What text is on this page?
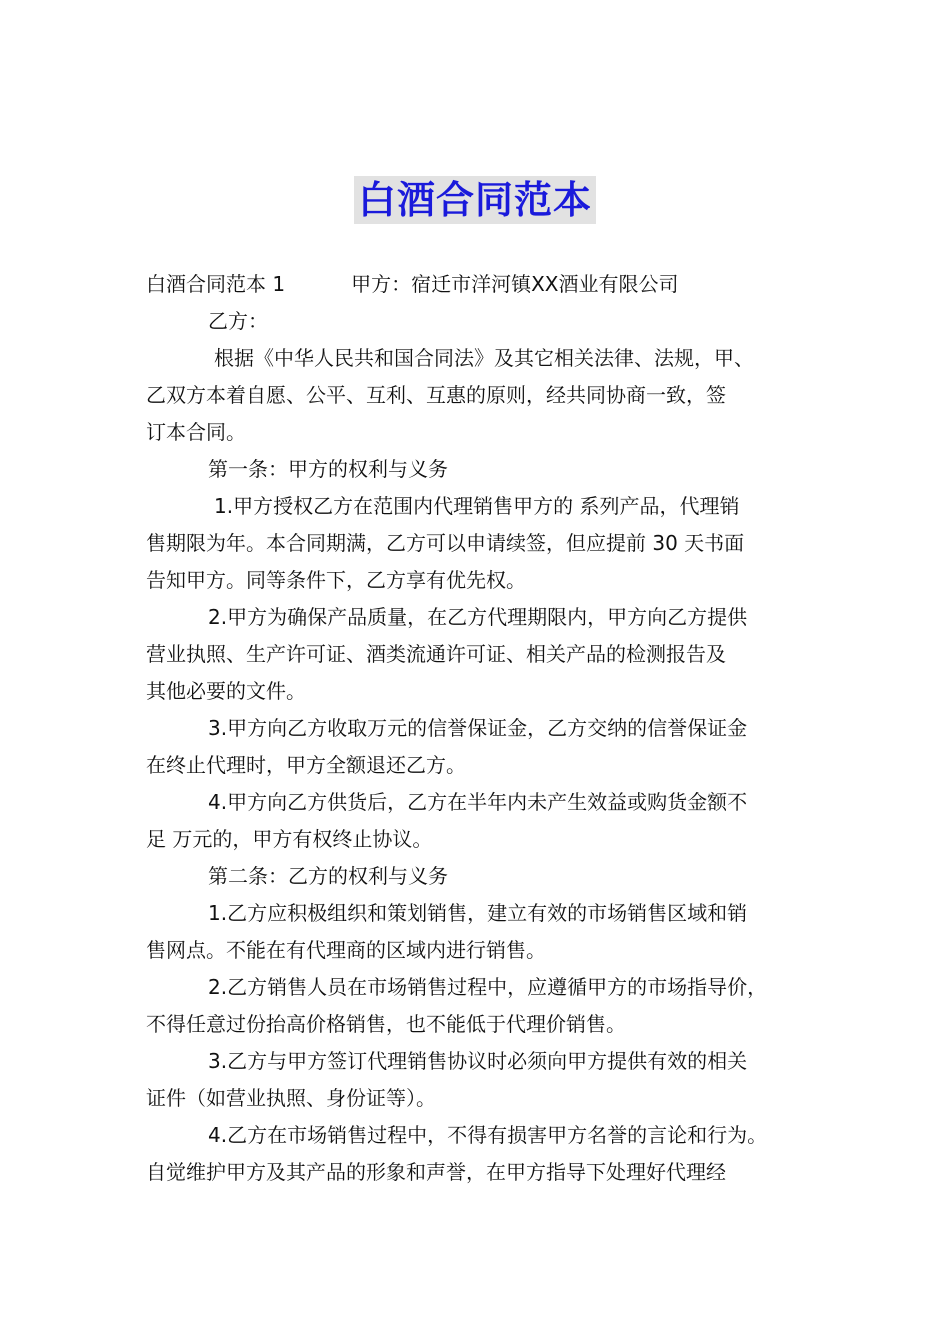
白酒合同范本
白酒合同范本 1	甲方：宿迁市洋河镇XX酒业有限公司
乙方：
根据《中华人民共和国合同法》及其它相关法律、法规，甲、
乙双方本着自愿、公平、互利、互惠的原则，经共同协商一致，签
订本合同。
第一条：甲方的权利与义务
1.甲方授权乙方在范围内代理销售甲方的 系列产品，代理销
售期限为年。本合同期满，乙方可以申请续签，但应提前 30 天书面
告知甲方。同等条件下，乙方享有优先权。
2.甲方为确保产品质量，在乙方代理期限内，甲方向乙方提供
营业执照、生产许可证、酒类流通许可证、相关产品的检测报告及
其他必要的文件。
3.甲方向乙方收取万元的信誉保证金，乙方交纳的信誉保证金
在终止代理时，甲方全额退还乙方。
4.甲方向乙方供货后，乙方在半年内未产生效益或购货金额不
足 万元的，甲方有权终止协议。
第二条：乙方的权利与义务
1.乙方应积极组织和策划销售，建立有效的市场销售区域和销
售网点。不能在有代理商的区域内进行销售。
2.乙方销售人员在市场销售过程中，应遵循甲方的市场指导价，
不得任意过份抬高价格销售，也不能低于代理价销售。
3.乙方与甲方签订代理销售协议时必须向甲方提供有效的相关
证件（如营业执照、身份证等）。
4.乙方在市场销售过程中，不得有损害甲方名誉的言论和行为。
自觉维护甲方及其产品的形象和声誉，在甲方指导下处理好代理经
